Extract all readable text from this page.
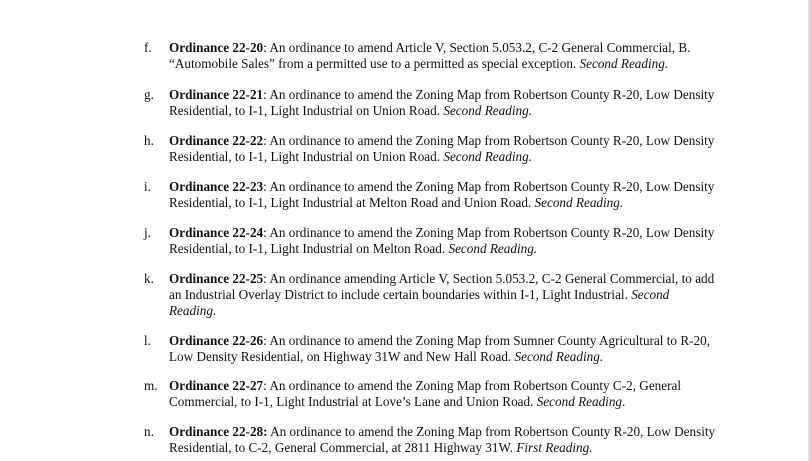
f. Ordinance 22-20: An ordinance to amend Article V, Section 5.053.2, C-2 General Commercial, B.
“Automobile Sales” from a permitted use to a permitted as special exception. Second Reading.
g. Ordinance 22-21: An ordinance to amend the Zoning Map from Robertson County R-20, Low Density
Residential, to I-1, Light Industrial on Union Road. Second Reading.
h. Ordinance 22-22: An ordinance to amend the Zoning Map from Robertson County R-20, Low Density
Residential, to I-1, Light Industrial on Union Road. Second Reading.
i. Ordinance 22-23: An ordinance to amend the Zoning Map from Robertson County R-20, Low Density
Residential, to I-1, Light Industrial at Melton Road and Union Road. Second Reading.
j. Ordinance 22-24: An ordinance to amend the Zoning Map from Robertson County R-20, Low Density
Residential, to I-1, Light Industrial on Melton Road. Second Reading.
k. Ordinance 22-25: An ordinance amending Article V, Section 5.053.2, C-2 General Commercial, to add
an Industrial Overlay District to include certain boundaries within I-1, Light Industrial. Second
Reading.
l. Ordinance 22-26: An ordinance to amend the Zoning Map from Sumner County Agricultural to R-20,
Low Density Residential, on Highway 31W and New Hall Road. Second Reading.
m. Ordinance 22-27: An ordinance to amend the Zoning Map from Robertson County C-2, General
Commercial, to I-1, Light Industrial at Love’s Lane and Union Road. Second Reading.
n. Ordinance 22-28: An ordinance to amend the Zoning Map from Robertson County R-20, Low Density
Residential, to C-2, General Commercial, at 2811 Highway 31W. First Reading.
